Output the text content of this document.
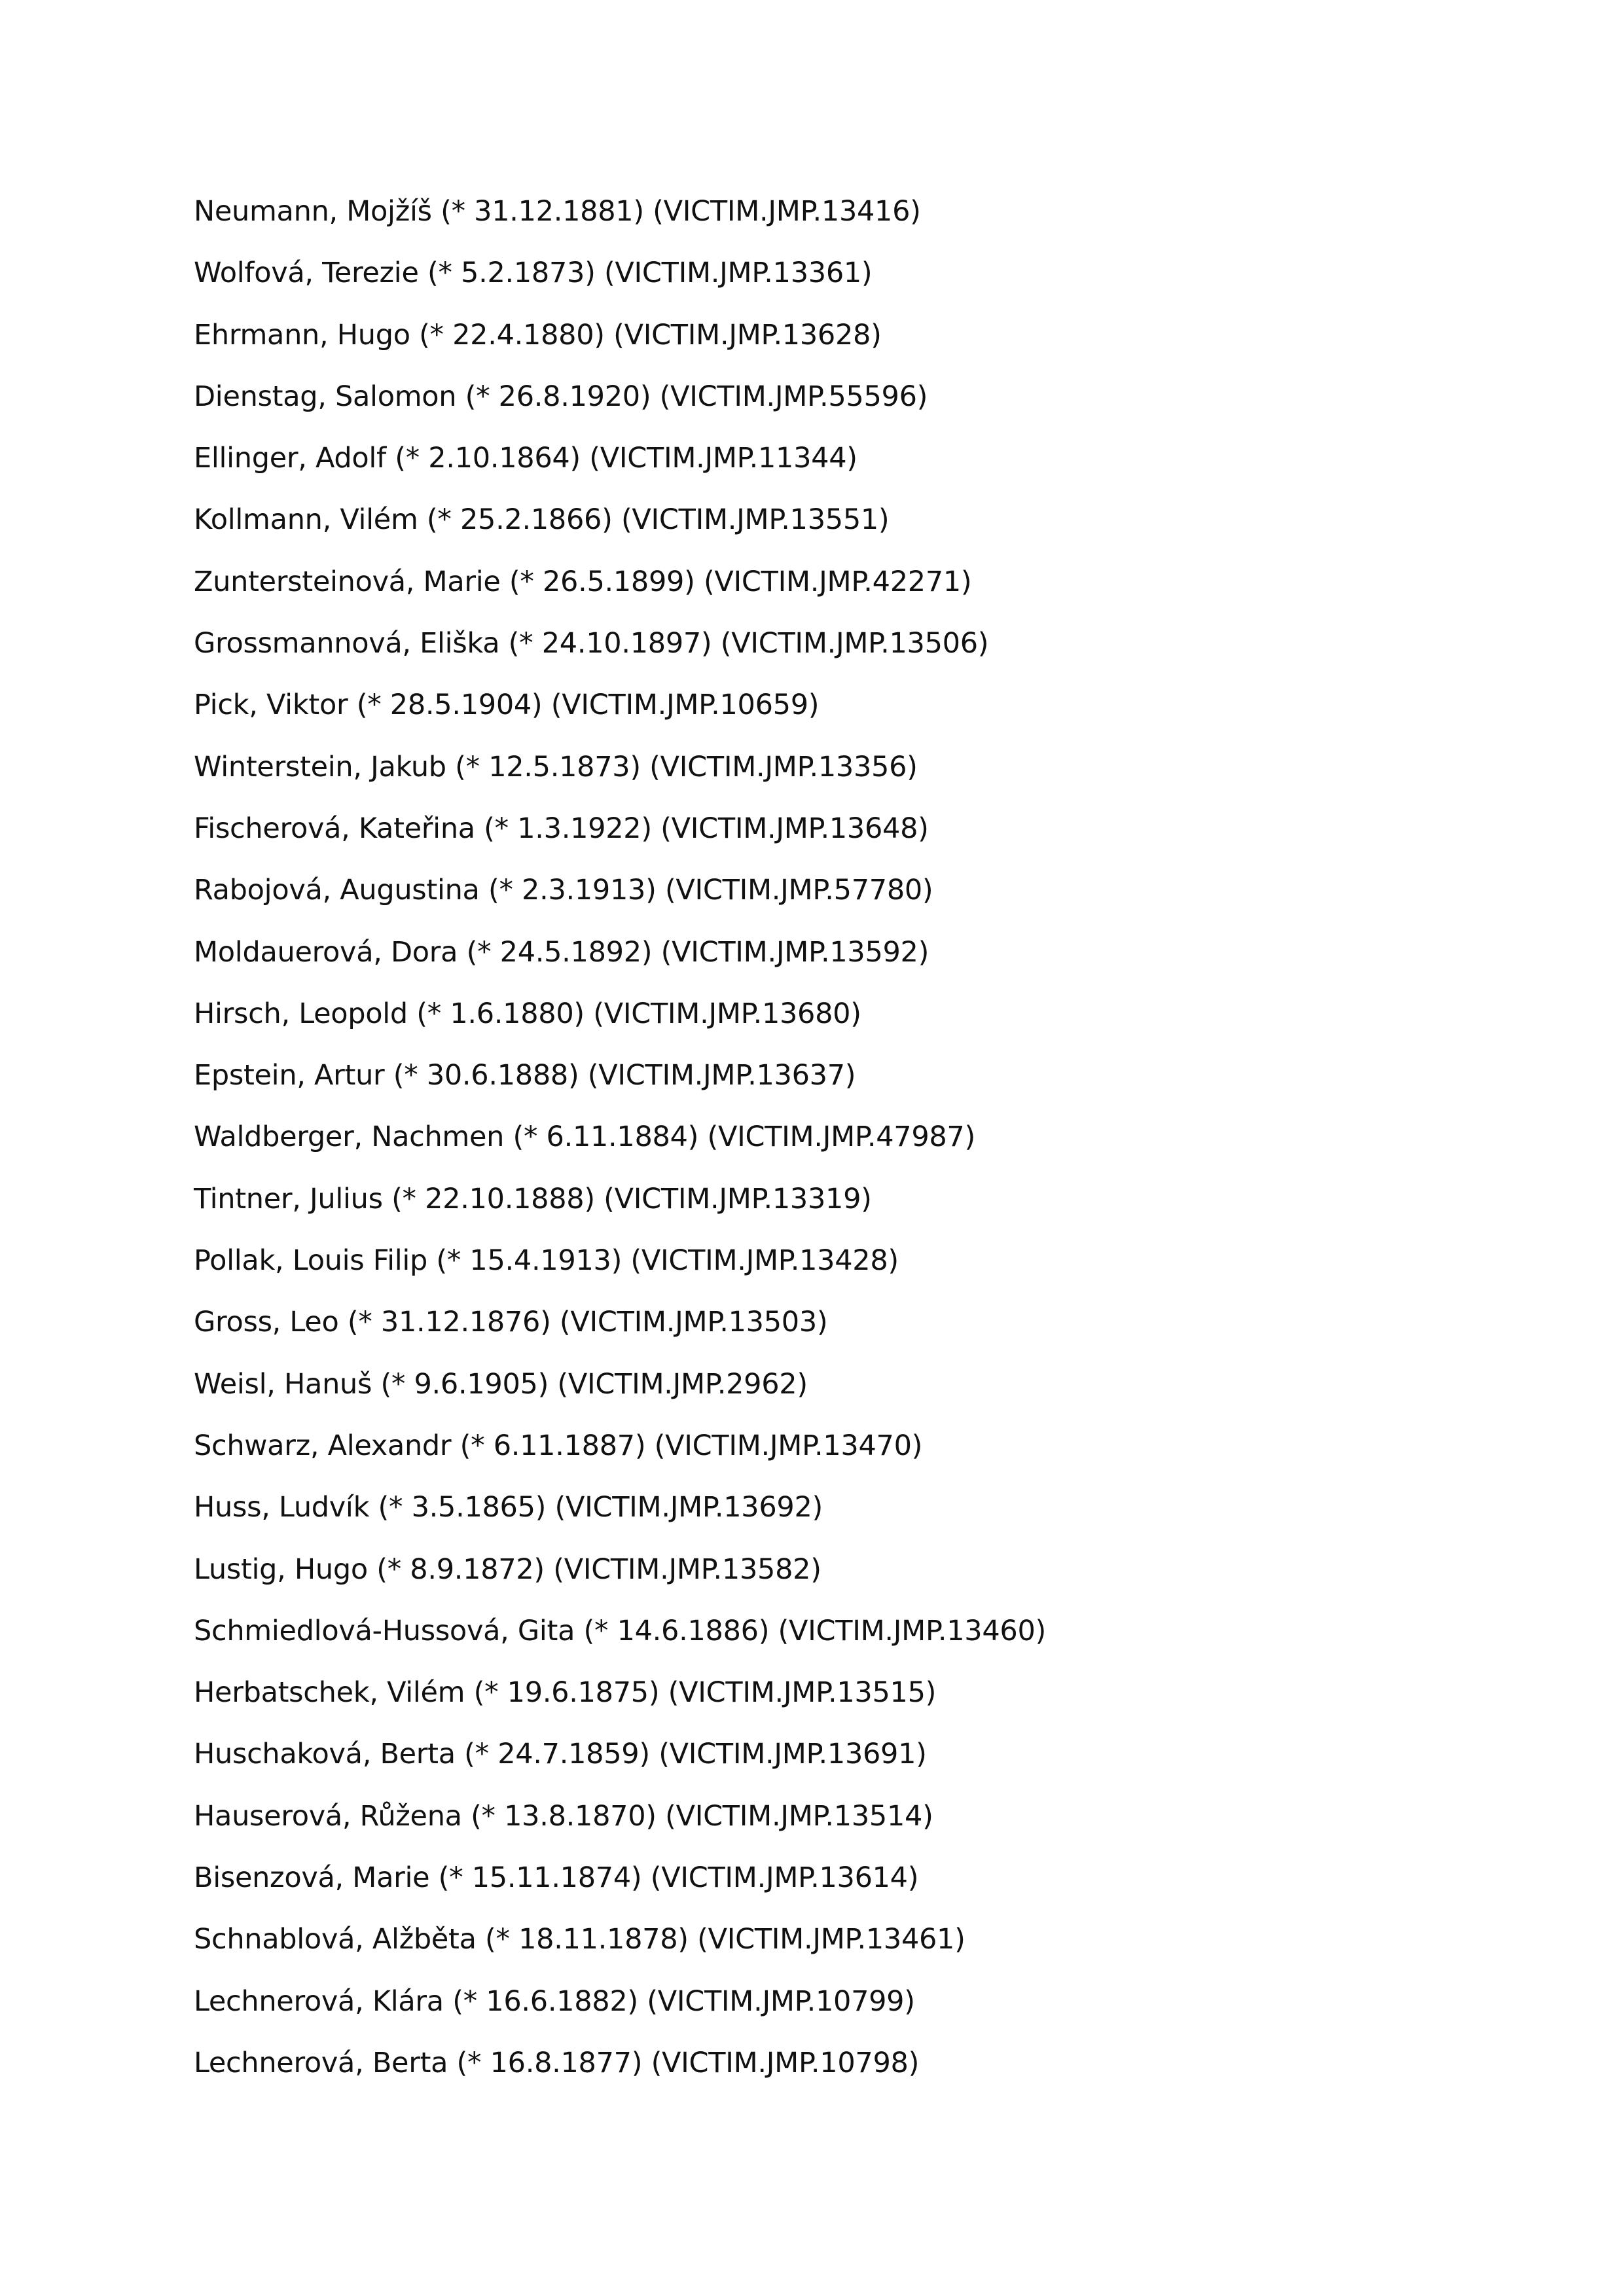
Neumann, Mojžíš (* 31.12.1881) (VICTIM.JMP.13416)
Wolfová, Terezie (* 5.2.1873) (VICTIM.JMP.13361)
Ehrmann, Hugo (* 22.4.1880) (VICTIM.JMP.13628)
Dienstag, Salomon (* 26.8.1920) (VICTIM.JMP.55596)
Ellinger, Adolf (* 2.10.1864) (VICTIM.JMP.11344)
Kollmann, Vilém (* 25.2.1866) (VICTIM.JMP.13551)
Zuntersteinová, Marie (* 26.5.1899) (VICTIM.JMP.42271)
Grossmannová, Eliška (* 24.10.1897) (VICTIM.JMP.13506)
Pick, Viktor (* 28.5.1904) (VICTIM.JMP.10659)
Winterstein, Jakub (* 12.5.1873) (VICTIM.JMP.13356)
Fischerová, Kateřina (* 1.3.1922) (VICTIM.JMP.13648)
Rabojová, Augustina (* 2.3.1913) (VICTIM.JMP.57780)
Moldauerová, Dora (* 24.5.1892) (VICTIM.JMP.13592)
Hirsch, Leopold (* 1.6.1880) (VICTIM.JMP.13680)
Epstein, Artur (* 30.6.1888) (VICTIM.JMP.13637)
Waldberger, Nachmen (* 6.11.1884) (VICTIM.JMP.47987)
Tintner, Julius (* 22.10.1888) (VICTIM.JMP.13319)
Pollak, Louis Filip (* 15.4.1913) (VICTIM.JMP.13428)
Gross, Leo (* 31.12.1876) (VICTIM.JMP.13503)
Weisl, Hanuš (* 9.6.1905) (VICTIM.JMP.2962)
Schwarz, Alexandr (* 6.11.1887) (VICTIM.JMP.13470)
Huss, Ludvík (* 3.5.1865) (VICTIM.JMP.13692)
Lustig, Hugo (* 8.9.1872) (VICTIM.JMP.13582)
Schmiedlová-Hussová, Gita (* 14.6.1886) (VICTIM.JMP.13460)
Herbatschek, Vilém (* 19.6.1875) (VICTIM.JMP.13515)
Huschaková, Berta (* 24.7.1859) (VICTIM.JMP.13691)
Hauserová, Růžena (* 13.8.1870) (VICTIM.JMP.13514)
Bisenzová, Marie (* 15.11.1874) (VICTIM.JMP.13614)
Schnablová, Alžběta (* 18.11.1878) (VICTIM.JMP.13461)
Lechnerová, Klára (* 16.6.1882) (VICTIM.JMP.10799)
Lechnerová, Berta (* 16.8.1877) (VICTIM.JMP.10798)
